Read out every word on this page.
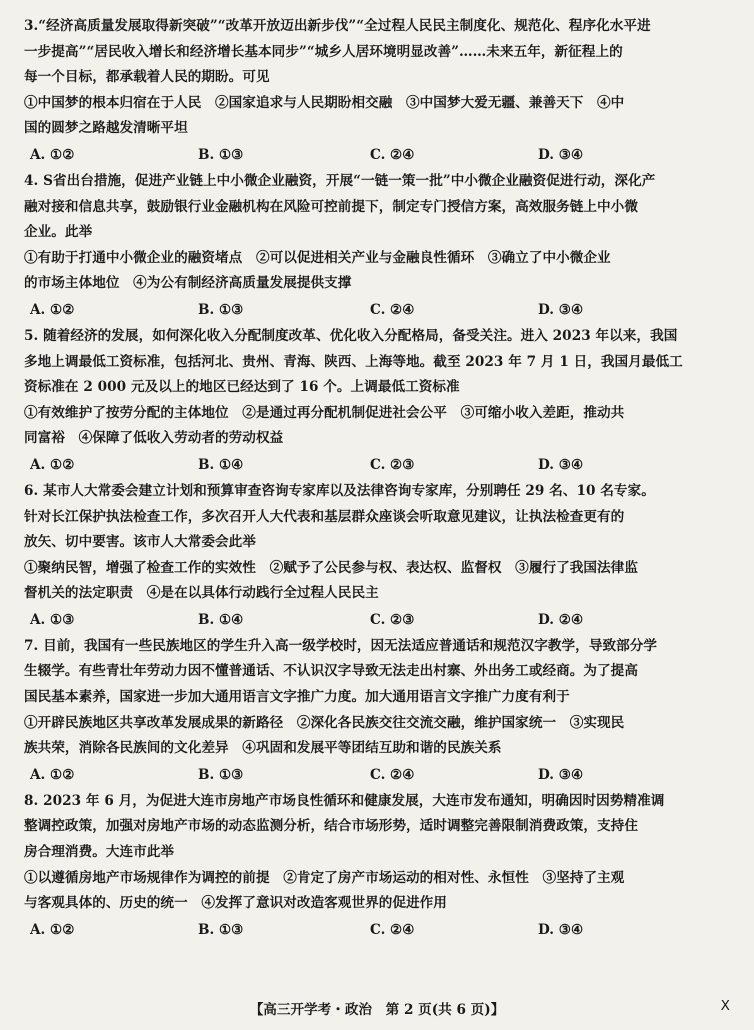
3.“经济高质量发展取得新突破”“改革开放迈出新步伐”“全过程人民民主制度化、规范化、程序化水平进
一步提高”“居民收入增长和经济增长基本同步”“城乡人居环境明显改善”……未来五年，新征程上的
每一个目标，都承载着人民的期盼。可见
①中国梦的根本归宿在于人民　②国家追求与人民期盼相交融　③中国梦大爱无疆、兼善天下　④中
国的圆梦之路越发清晰平坦
A. ①②	B. ①③	C. ②④	D. ③④
4. S省出台措施，促进产业链上中小微企业融资，开展“一链一策一批”中小微企业融资促进行动，深化产
融对接和信息共享，鼓励银行业金融机构在风险可控前提下，制定专门授信方案，高效服务链上中小微
企业。此举
①有助于打通中小微企业的融资堵点　②可以促进相关产业与金融良性循环　③确立了中小微企业
的市场主体地位　④为公有制经济高质量发展提供支撑
A. ①②	B. ①③	C. ②④	D. ③④
5. 随着经济的发展，如何深化收入分配制度改革、优化收入分配格局，备受关注。进入 2023 年以来，我国
多地上调最低工资标准，包括河北、贵州、青海、陕西、上海等地。截至 2023 年 7 月 1 日，我国月最低工
资标准在 2 000 元及以上的地区已经达到了 16 个。上调最低工资标准
①有效维护了按劳分配的主体地位　②是通过再分配机制促进社会公平　③可缩小收入差距，推动共
同富裕　④保障了低收入劳动者的劳动权益
A. ①②	B. ①④	C. ②③	D. ③④
6. 某市人大常委会建立计划和预算审查咨询专家库以及法律咨询专家库，分别聘任 29 名、10 名专家。
针对长江保护执法检查工作，多次召开人大代表和基层群众座谈会听取意见建议，让执法检查更有的
放矢、切中要害。该市人大常委会此举
①聚纳民智，增强了检查工作的实效性　②赋予了公民参与权、表达权、监督权　③履行了我国法律监
督机关的法定职责　④是在以具体行动践行全过程人民民主
A. ①③	B. ①④	C. ②③	D. ②④
7. 目前，我国有一些民族地区的学生升入高一级学校时，因无法适应普通话和规范汉字教学，导致部分学
生辍学。有些青壮年劳动力因不懂普通话、不认识汉字导致无法走出村寨、外出务工或经商。为了提高
国民基本素养，国家进一步加大通用语言文字推广力度。加大通用语言文字推广力度有利于
①开辟民族地区共享改革发展成果的新路径　②深化各民族交往交流交融，维护国家统一　③实现民
族共荣，消除各民族间的文化差异　④巩固和发展平等团结互助和谐的民族关系
A. ①②	B. ①③	C. ②④	D. ③④
8. 2023 年 6 月，为促进大连市房地产市场良性循环和健康发展，大连市发布通知，明确因时因势精准调
整调控政策，加强对房地产市场的动态监测分析，结合市场形势，适时调整完善限制消费政策，支持住
房合理消费。大连市此举
①以遵循房地产市场规律作为调控的前提　②肯定了房产市场运动的相对性、永恒性　③坚持了主观
与客观具体的、历史的统一　④发挥了意识对改造客观世界的促进作用
A. ①②	B. ①③	C. ②④	D. ③④
【高三开学考・政治　第 2 页(共 6 页)】	X
